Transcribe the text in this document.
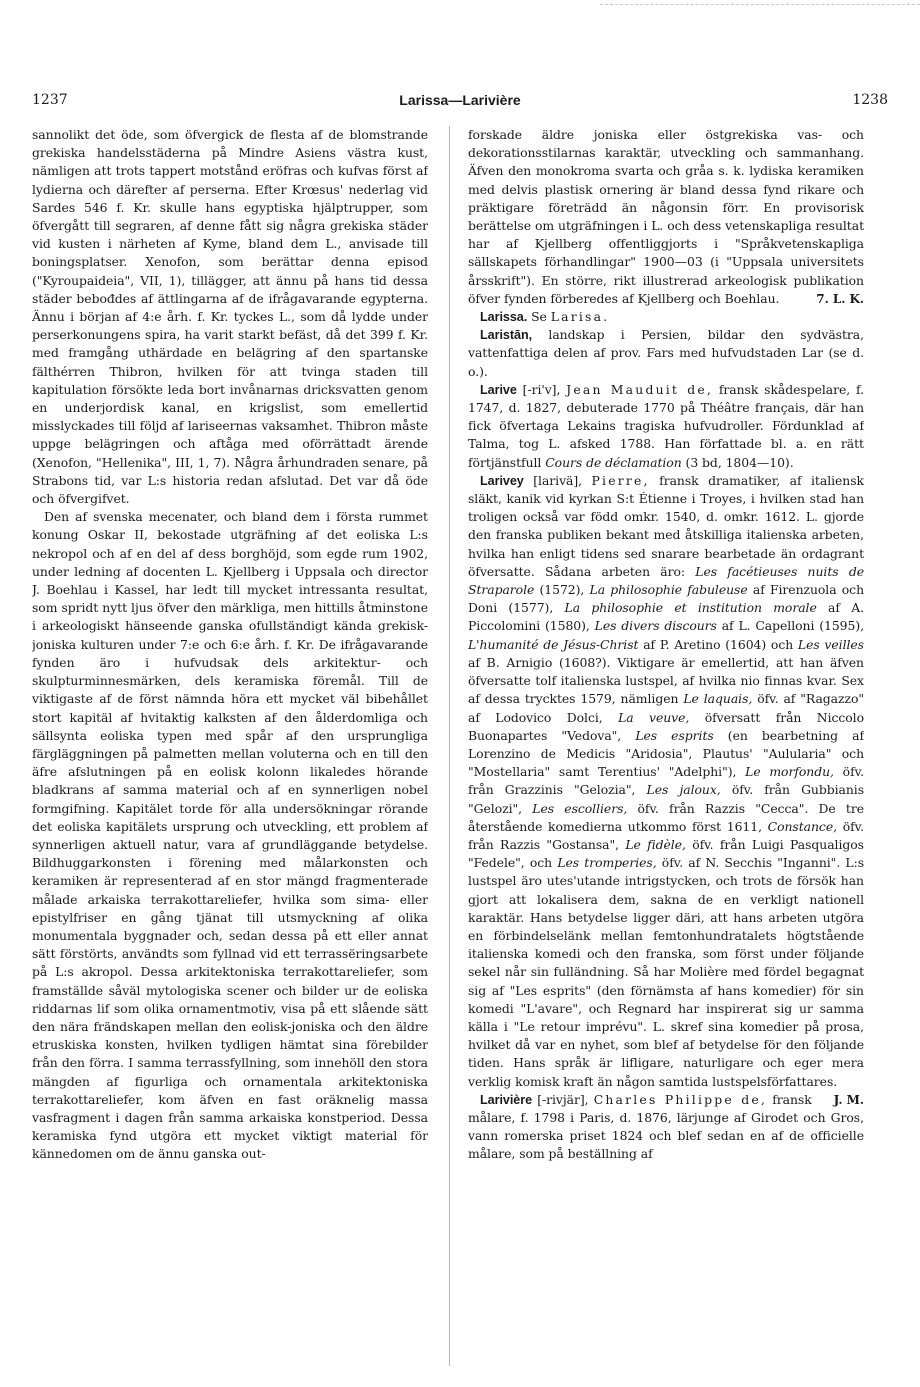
1237	Larissa—Larivière	1238

sannolikt det öde, som öfvergick de flesta af de blomstrande grekiska handelsstäderna på Mindre Asiens västra kust, nämligen att trots tappert motstånd eröfras och kufvas först af lydierna och därefter af perserna. Efter Krœsus' nederlag vid Sardes 546 f. Kr. skulle hans egyptiska hjälptrupper, som öfvergått till segraren, af denne fått sig några grekiska städer vid kusten i närheten af Kyme, bland dem L., anvisade till boningsplatser. Xenofon, som berättar denna episod ("Kyroupaideia", VII, 1), tillägger, att ännu på hans tid dessa städer bebođdes af ättlingarna af de ifrågavarande egypterna. Ännu i början af 4:e årh. f. Kr. tyckes L., som då lydde under perserkonungens spira, ha varit starkt befäst, då det 399 f. Kr. med framgång uthärdade en belägring af den spartanske fälthérren Thibron, hvilken för att tvinga staden till kapitulation försökte leda bort invånarnas dricksvatten genom en underjordisk kanal, en krigslist, som emellertid misslyckades till följd af lariseernas vaksamhet. Thibron måste uppge belägringen och aftåga med oförrättadt ärende (Xenofon, "Hellenika", III, 1, 7). Några århundraden senare, på Strabons tid, var L:s historia redan afslutad. Det var då öde och öfvergifvet.

Den af svenska mecenater, och bland dem i första rummet konung Oskar II, bekostade utgräfning af det eoliska L:s nekropol och af en del af dess borghöjd, som egde rum 1902, under ledning af docenten L. Kjellberg i Uppsala och director J. Boehlau i Kassel, har ledt till mycket intressanta resultat, som spridt nytt ljus öfver den märkliga, men hittills åtminstone i arkeologiskt hänseende ganska ofullständigt kända grekisk-joniska kulturen under 7:e och 6:e årh. f. Kr. De ifrågavarande fynden äro i hufvudsak dels arkitektur- och skulpturminnesmärken, dels keramiska föremål. Till de viktigaste af de först nämnda höra ett mycket väl bibehållet stort kapitäl af hvitaktig kalksten af den ålderdomliga och sällsynta eoliska typen med spår af den ursprungliga färgläggningen på palmetten mellan voluterna och en till den äfre afslutningen på en eolisk kolonn likaledes hörande bladkrans af samma material och af en synnerligen nobel formgifning. Kapitälet torde för alla undersökningar rörande det eoliska kapitälets ursprung och utveckling, ett problem af synnerligen aktuell natur, vara af grundläggande betydelse. Bildhuggarkonsten i förening med målarkonsten och keramiken är representerad af en stor mängd fragmenterade målade arkaiska terrakottareliefer, hvilka som sima- eller epistylfriser en gång tjänat till utsmyckning af olika monumentala byggnader och, sedan dessa på ett eller annat sätt förstörts, användts som fyllnad vid ett terrassëringsarbete på L:s akropol. Dessa arkitektoniska terrakottareliefer, som framställde såväl mytologiska scener och bilder ur de eoliska riddarnas lif som olika ornamentmotiv, visa på ett slående sätt den nära frändskapen mellan den eolisk-joniska och den äldre etruskiska konsten, hvilken tydligen hämtat sina förebilder från den förra. I samma terrassfyllning, som innehöll den stora mängden af figurliga och ornamentala arkitektoniska terrakottareliefer, kom äfven en fast oräknelig massa vasfragment i dagen från samma arkaiska konstperiod. Dessa keramiska fynd utgöra ett mycket viktigt material för kännedomen om de ännu ganska out-

forskade äldre joniska eller östgrekiska vas- och dekorationsstilarnas karaktär, utveckling och sammanhang. Äfven den monokroma svarta och gråa s. k. lydiska keramiken med delvis plastisk ornering är bland dessa fynd rikare och präktigare företrädd än någonsin förr. En provisorisk berättelse om utgräfningen i L. och dess vetenskapliga resultat har af Kjellberg offentliggjorts i "Språkvetenskapliga sällskapets förhandlingar" 1900—03 (i "Uppsala universitets årsskrift"). En större, rikt illustrerad arkeologisk publikation öfver fynden förberedes af Kjellberg och Boehlau.	7. L. K.

Larissa. Se Larisa.

Laristān, landskap i Persien, bildar den sydvästra, vattenfattiga delen af prov. Fars med hufvudstaden Lar (se d. o.).

Larive [-ri'v], Jean Mauduit de, fransk skådespelare, f. 1747, d. 1827, debuterade 1770 på Théâtre français, där han fick öfvertaga Lekains tragiska hufvudroller. Fördunklad af Talma, tog L. afsked 1788. Han författade bl. a. en rätt förtjänstfull Cours de déclamation (3 bd, 1804—10).

Larivey [larivä], Pierre, fransk dramatiker, af italiensk släkt, kanik vid kyrkan S:t Étienne i Troyes, i hvilken stad han troligen också var född omkr. 1540, d. omkr. 1612. L. gjorde den franska publiken bekant med åtskilliga italienska arbeten, hvilka han enligt tidens sed snarare bearbetade än ordagrant öfversatte. Sådana arbeten äro: Les facétieuses nuits de Straparole (1572), La philosophie fabuleuse af Firenzuola och Doni (1577), La philosophie et institution morale af A. Piccolomini (1580), Les divers discours af L. Capelloni (1595), L'humanité de Jésus-Christ af P. Aretino (1604) och Les veilles af B. Arnigio (1608?). Viktigare är emellertid, att han äfven öfversatte tolf italienska lustspel, af hvilka nio finnas kvar. Sex af dessa trycktes 1579, nämligen Le laquais, öfv. af "Ragazzo" af Lodovico Dolci, La veuve, öfversatt från Niccolo Buonapartes "Vedova", Les esprits (en bearbetning af Lorenzino de Medicis "Aridosia", Plautus' "Aulularia" och "Mostellaria" samt Terentius' "Adelphi"), Le morfondu, öfv. från Grazzinis "Gelozia", Les jaloux, öfv. från Gubbianis "Gelozi", Les escolliers, öfv. från Razzis "Cecca". De tre återstående komedierna utkommo först 1611, Constance, öfv. från Razzis "Gostansa", Le fidèle, öfv. från Luigi Pasqualigos "Fedele", och Les tromperies, öfv. af N. Secchis "Inganni". L:s lustspel äro utes'utande intrigstycken, och trots de försök han gjort att lokalisera dem, sakna de en verkligt nationell karaktär. Hans betydelse ligger däri, att hans arbeten utgöra en förbindelselänk mellan femtonhundratalets högtstående italienska komedi och den franska, som först under följande sekel når sin fulländning. Så har Molière med fördel begagnat sig af "Les esprits" (den förnämsta af hans komedier) för sin komedi "L'avare", och Regnard har inspirerat sig ur samma källa i "Le retour imprévu". L. skref sina komedier på prosa, hvilket då var en nyhet, som blef af betydelse för den följande tiden. Hans språk är lifligare, naturligare och eger mera verklig komisk kraft än någon samtida lustspelsförfattares.
J. M.

Larivière [-rivjär], Charles Philippe de, fransk målare, f. 1798 i Paris, d. 1876, lärjunge af Girodet och Gros, vann romerska priset 1824 och blef sedan en af de officielle målare, som på beställning af
